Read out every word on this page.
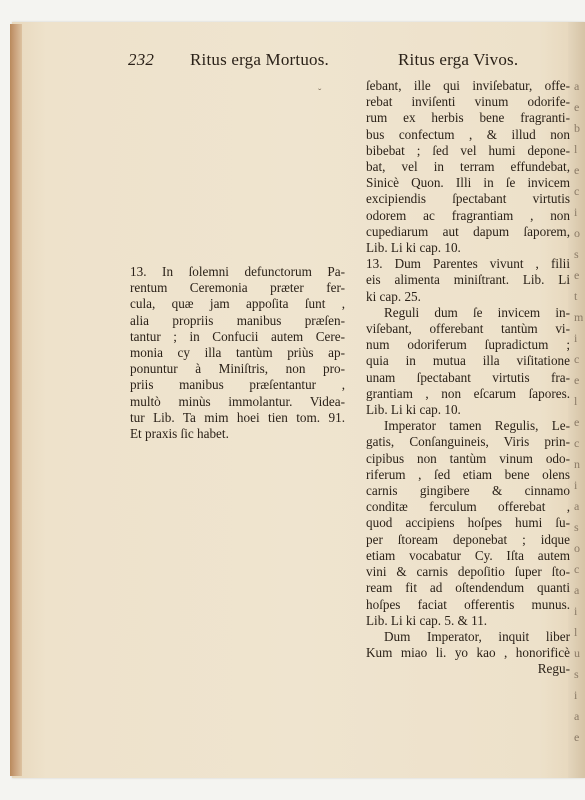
232 Ritus erga Mortuos.	Ritus erga Vivos.
ˇ
ſebant, ille qui inviſebatur, offe-
rebat inviſenti vinum odorife-
rum ex herbis bene fragranti-
bus confectum , & illud non
bibebat ; ſed vel humi depone-
bat, vel in terram effundebat,
Sinicè Quon. Illi in ſe invicem
excipiendis ſpectabant virtutis
odorem ac fragrantiam , non
cupediarum aut dapum ſaporem,
Lib. Li ki cap. 10.
13. Dum Parentes vivunt , filii
eis alimenta miniſtrant. Lib. Li
ki cap. 25.
Reguli dum ſe invicem in-
viſebant, offerebant tantùm vi-
num odoriferum ſupradictum ;
quia in mutua illa viſitatione
unam ſpectabant virtutis fra-
grantiam , non eſcarum ſapores.
Lib. Li ki cap. 10.
Imperator tamen Regulis, Le-
gatis, Conſanguineis, Viris prin-
cipibus non tantùm vinum odo-
riferum , ſed etiam bene olens
carnis gingibere & cinnamo
conditæ ferculum offerebat ,
quod accipiens hoſpes humi ſu-
per ſtoream deponebat ; idque
etiam vocabatur Cy. Iſta autem
vini & carnis depoſitio ſuper ſto-
ream fit ad oſtendendum quanti
hoſpes faciat offerentis munus.
Lib. Li ki cap. 5. & 11.
Dum Imperator, inquit liber
Kum miao li. yo kao , honorificè
Regu-
13. In ſolemni defunctorum Pa-
rentum Ceremonia præter fer-
cula, quæ jam appoſita ſunt ,
alia propriis manibus præſen-
tantur ; in Confucii autem Cere-
monia cy illa tantùm priùs ap-
ponuntur à Miniſtris, non pro-
priis manibus præſentantur ,
multò minùs immolantur. Videa-
tur Lib. Ta mim hoei tien tom. 91.
Et praxis ſic habet.
a
e
b
l
e
c
i
o
s
e
t
m
i
c
e
l
e
c
n
i
a
s
o
c
a
i
l
u
s
i
a
e
